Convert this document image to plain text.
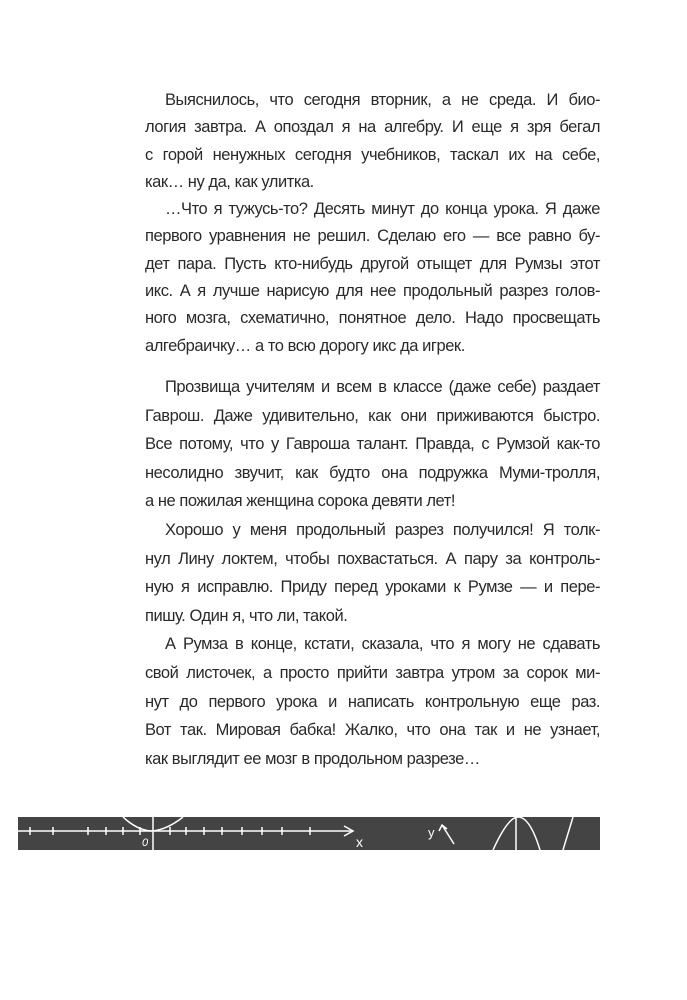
Выяснилось, что сегодня вторник, а не среда. И био-
логия завтра. А опоздал я на алгебру. И еще я зря бегал
с горой ненужных сегодня учебников, таскал их на себе,
как… ну да, как улитка.
…Что я тужусь-то? Десять минут до конца урока. Я даже
первого уравнения не решил. Сделаю его — все равно бу-
дет пара. Пусть кто-нибудь другой отыщет для Румзы этот
икс. А я лучше нарисую для нее продольный разрез голов-
ного мозга, схематично, понятное дело. Надо просвещать
алгебраичку… а то всю дорогу икс да игрек.
Прозвища учителям и всем в классе (даже себе) раздает
Гаврош. Даже удивительно, как они приживаются быстро.
Все потому, что у Гавроша талант. Правда, с Румзой как-то
несолидно звучит, как будто она подружка Муми-тролля,
а не пожилая женщина сорока девяти лет!
Хорошо у меня продольный разрез получился! Я толк-
нул Лину локтем, чтобы похвастаться. А пару за контроль-
ную я исправлю. Приду перед уроками к Румзе — и пере-
пишу. Один я, что ли, такой.
А Румза в конце, кстати, сказала, что я могу не сдавать
свой листочек, а просто прийти завтра утром за сорок ми-
нут до первого урока и написать контрольную еще раз.
Вот так. Мировая бабка! Жалко, что она так и не узнает,
как выглядит ее мозг в продольном разрезе…
0	x
y
